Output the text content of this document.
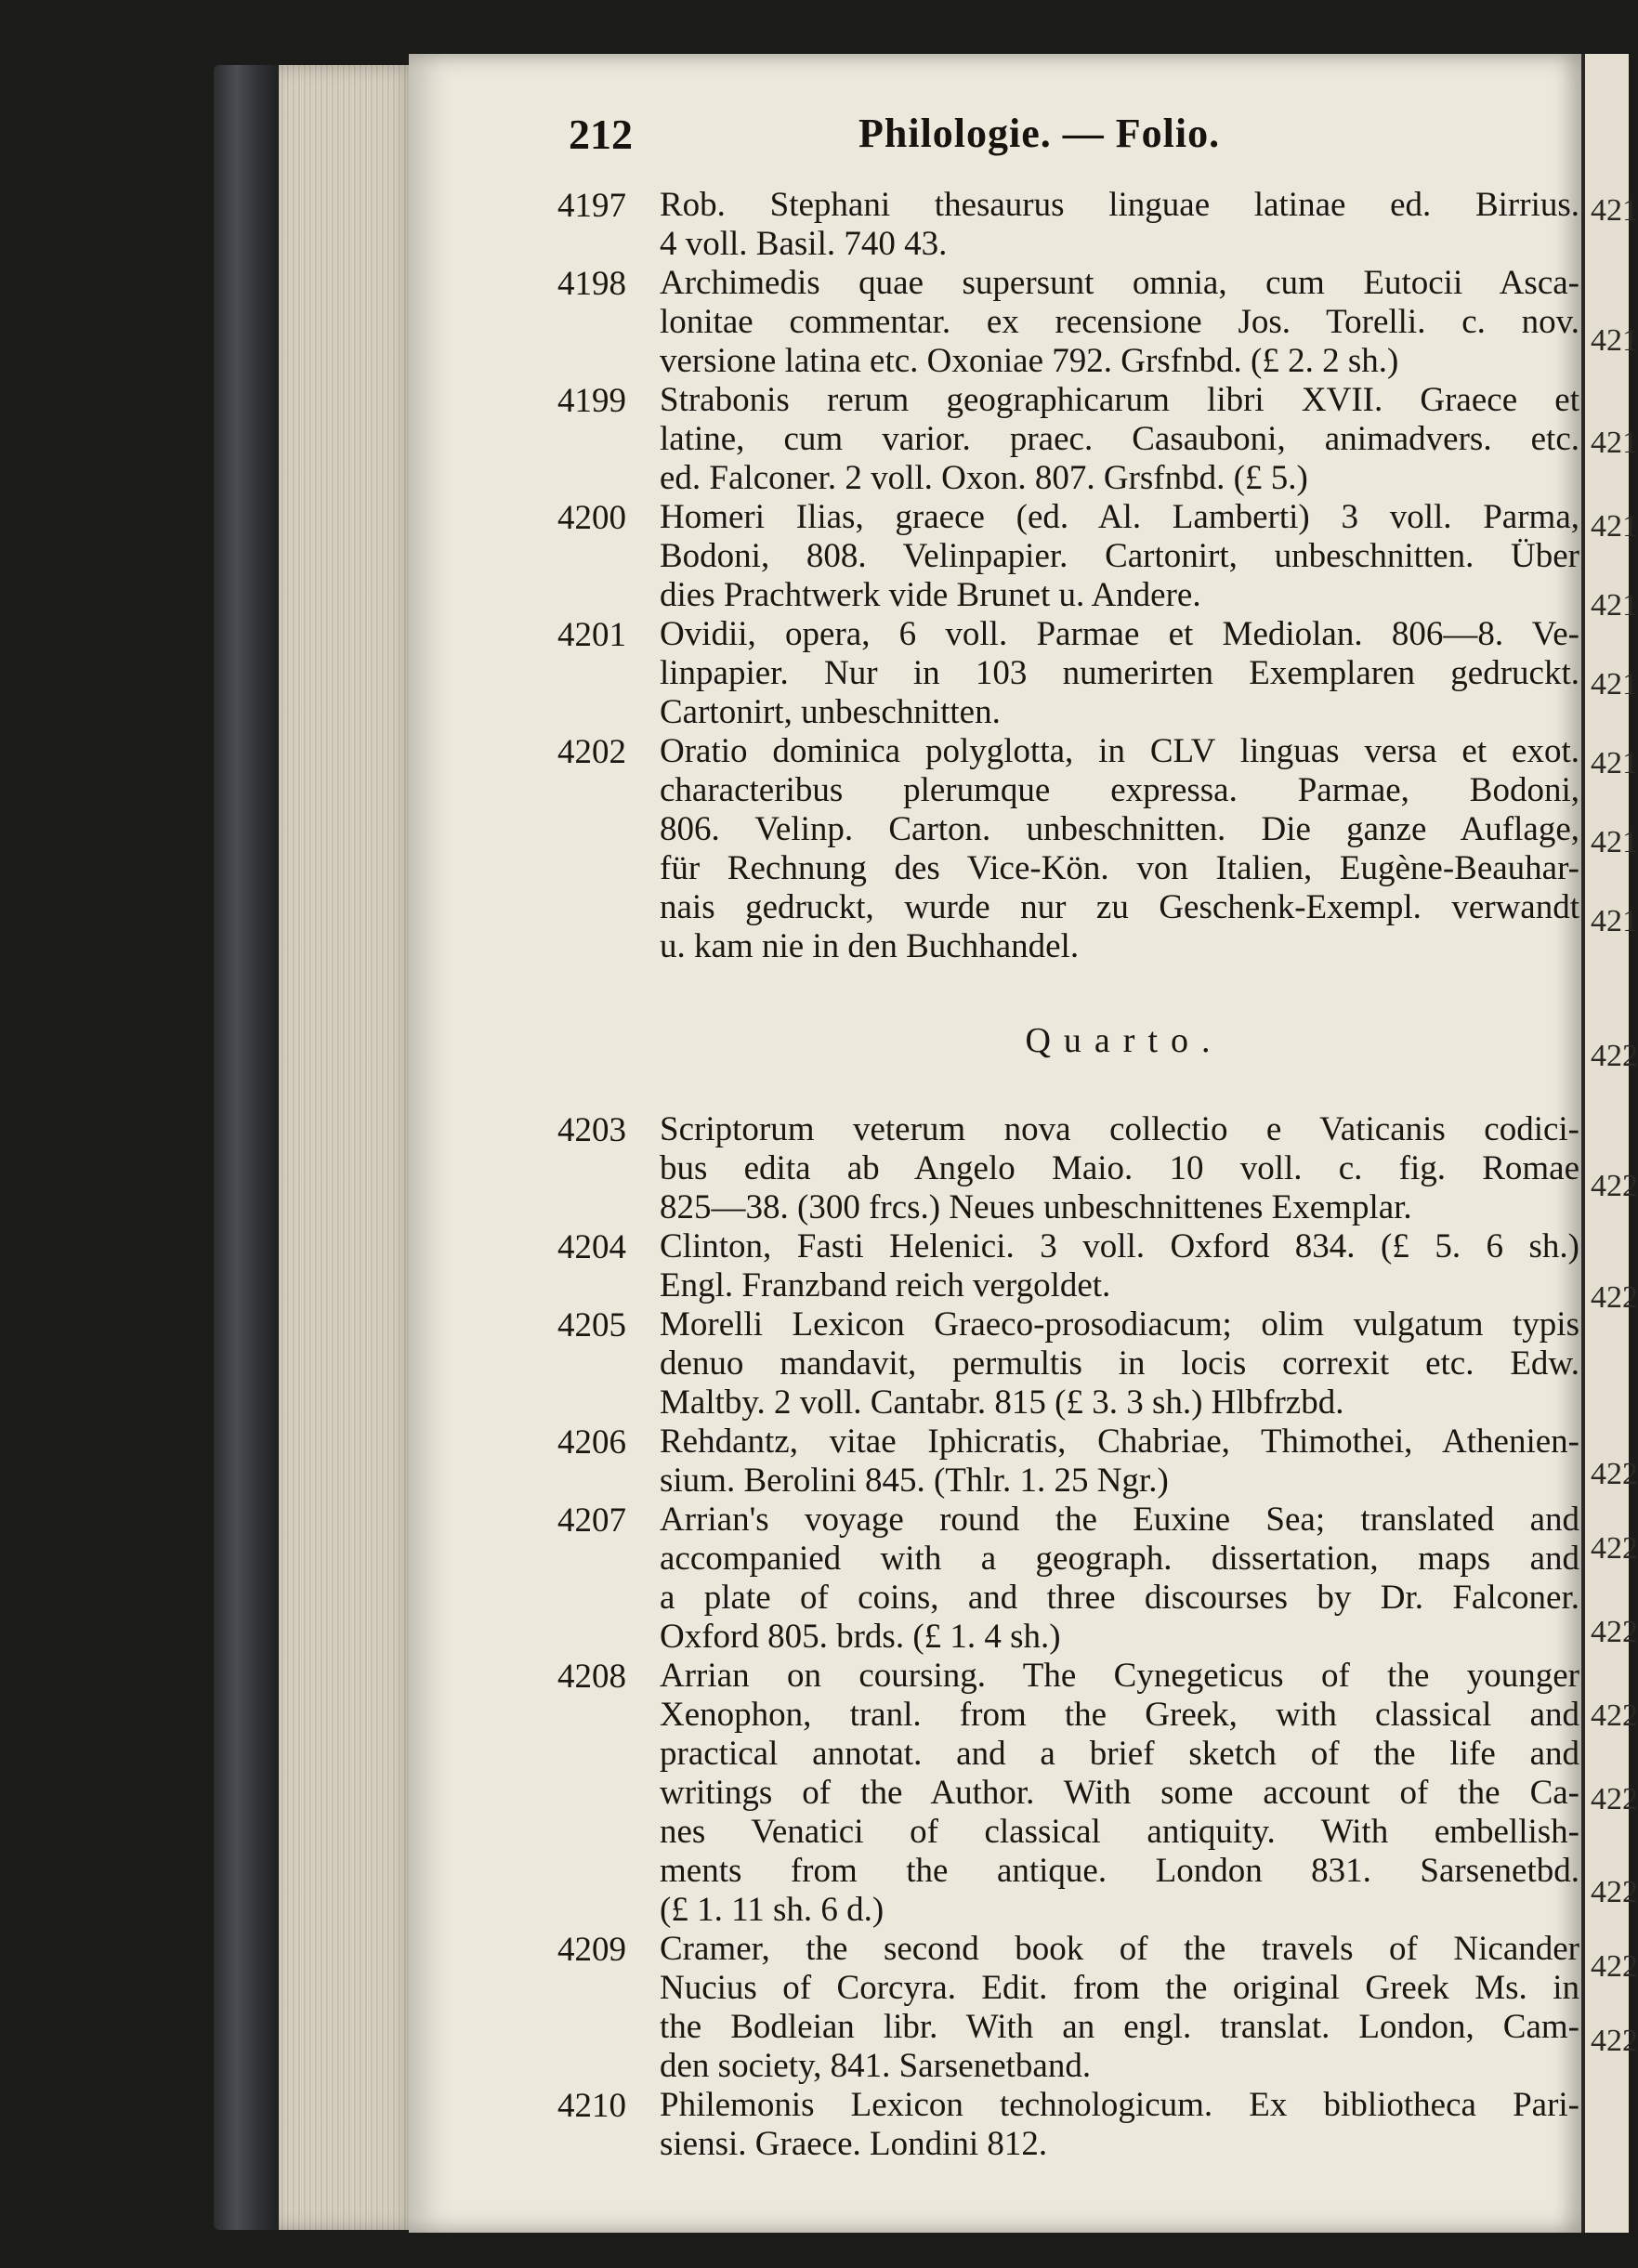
421
421
421
421
421
421
421
421
421
422
422
422
422
422
422
422
422
422
422
422
212	Philologie. — Folio.
4197 Rob. Stephani thesaurus linguae latinae ed. Birrius.
4 voll. Basil. 740 43.
4198 Archimedis quae supersunt omnia, cum Eutocii Asca-
lonitae commentar. ex recensione Jos. Torelli. c. nov.
versione latina etc. Oxoniae 792. Grsfnbd. (£ 2. 2 sh.)
4199 Strabonis rerum geographicarum libri XVII. Graece et
latine, cum varior. praec. Casauboni, animadvers. etc.
ed. Falconer. 2 voll. Oxon. 807. Grsfnbd. (£ 5.)
4200 Homeri Ilias, graece (ed. Al. Lamberti) 3 voll. Parma,
Bodoni, 808. Velinpapier. Cartonirt, unbeschnitten. Über
dies Prachtwerk vide Brunet u. Andere.
4201 Ovidii, opera, 6 voll. Parmae et Mediolan. 806—8. Ve-
linpapier. Nur in 103 numerirten Exemplaren gedruckt.
Cartonirt, unbeschnitten.
4202 Oratio dominica polyglotta, in CLV linguas versa et exot.
characteribus plerumque expressa. Parmae, Bodoni,
806. Velinp. Carton. unbeschnitten. Die ganze Auflage,
für Rechnung des Vice-Kön. von Italien, Eugène-Beauhar-
nais gedruckt, wurde nur zu Geschenk-Exempl. verwandt
u. kam nie in den Buchhandel.
Quarto.
4203 Scriptorum veterum nova collectio e Vaticanis codici-
bus edita ab Angelo Maio. 10 voll. c. fig. Romae
825—38. (300 frcs.) Neues unbeschnittenes Exemplar.
4204 Clinton, Fasti Helenici. 3 voll. Oxford 834. (£ 5. 6 sh.)
Engl. Franzband reich vergoldet.
4205 Morelli Lexicon Graeco-prosodiacum; olim vulgatum typis
denuo mandavit, permultis in locis correxit etc. Edw.
Maltby. 2 voll. Cantabr. 815 (£ 3. 3 sh.) Hlbfrzbd.
4206 Rehdantz, vitae Iphicratis, Chabriae, Thimothei, Athenien-
sium. Berolini 845. (Thlr. 1. 25 Ngr.)
4207 Arrian's voyage round the Euxine Sea; translated and
accompanied with a geograph. dissertation, maps and
a plate of coins, and three discourses by Dr. Falconer.
Oxford 805. brds. (£ 1. 4 sh.)
4208 Arrian on coursing. The Cynegeticus of the younger
Xenophon, tranl. from the Greek, with classical and
practical annotat. and a brief sketch of the life and
writings of the Author. With some account of the Ca-
nes Venatici of classical antiquity. With embellish-
ments from the antique. London 831. Sarsenetbd.
(£ 1. 11 sh. 6 d.)
4209 Cramer, the second book of the travels of Nicander
Nucius of Corcyra. Edit. from the original Greek Ms. in
the Bodleian libr. With an engl. translat. London, Cam-
den society, 841. Sarsenetband.
4210 Philemonis Lexicon technologicum. Ex bibliotheca Pari-
siensi. Graece. Londini 812.
